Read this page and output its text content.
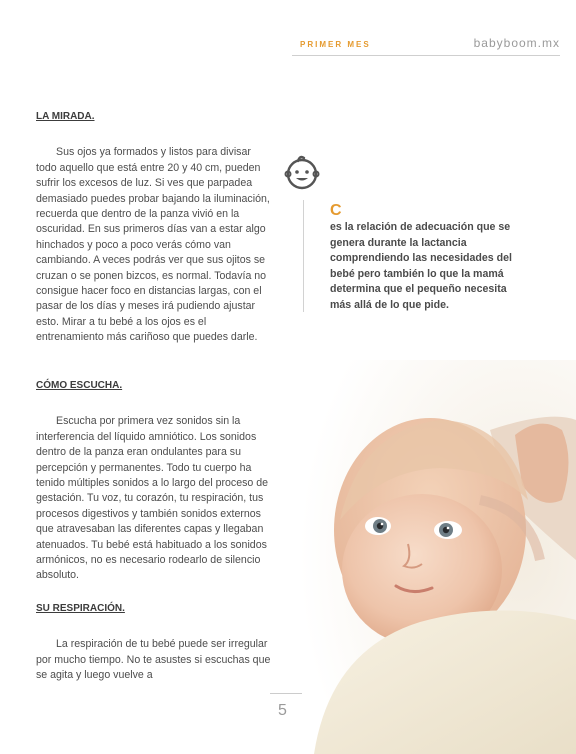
PRIMER MES	babyboom.mx

LA MIRADA.

Sus ojos ya formados y listos para divisar todo aquello que está entre 20 y 40 cm, pueden sufrir los excesos de luz. Si ves que parpadea demasiado puedes probar bajando la iluminación, recuerda que dentro de la panza vivió en la oscuridad. En sus primeros días van a estar algo hinchados y poco a poco verás cómo van cambiando. A veces podrás ver que sus ojitos se cruzan o se ponen bizcos, es normal. Todavía no consigue hacer foco en distancias largas, con el pasar de los días y meses irá pudiendo ajustar esto. Mirar a tu bebé a los ojos es el entrenamiento más cariñoso que puedes darle.

CÓMO ESCUCHA.

Escucha por primera vez sonidos sin la interferencia del líquido amniótico. Los sonidos dentro de la panza eran ondulantes para su percepción y permanentes. Todo tu cuerpo ha tenido múltiples sonidos a lo largo del proceso de gestación. Tu voz, tu corazón, tu respiración, tus procesos digestivos y también sonidos externos que atravesaban las diferentes capas y llegaban atenuados. Tu bebé está habituado a los sonidos armónicos, no es necesario rodearlo de silencio absoluto.

SU RESPIRACIÓN.

La respiración de tu bebé puede ser irregular por mucho tiempo. No te asustes si escuchas que se agita y luego vuelve a

C
es la relación de adecuación que se genera durante la lactancia comprendiendo las necesidades del bebé pero también lo que la mamá determina que el pequeño necesita más allá de lo que pide.
5
